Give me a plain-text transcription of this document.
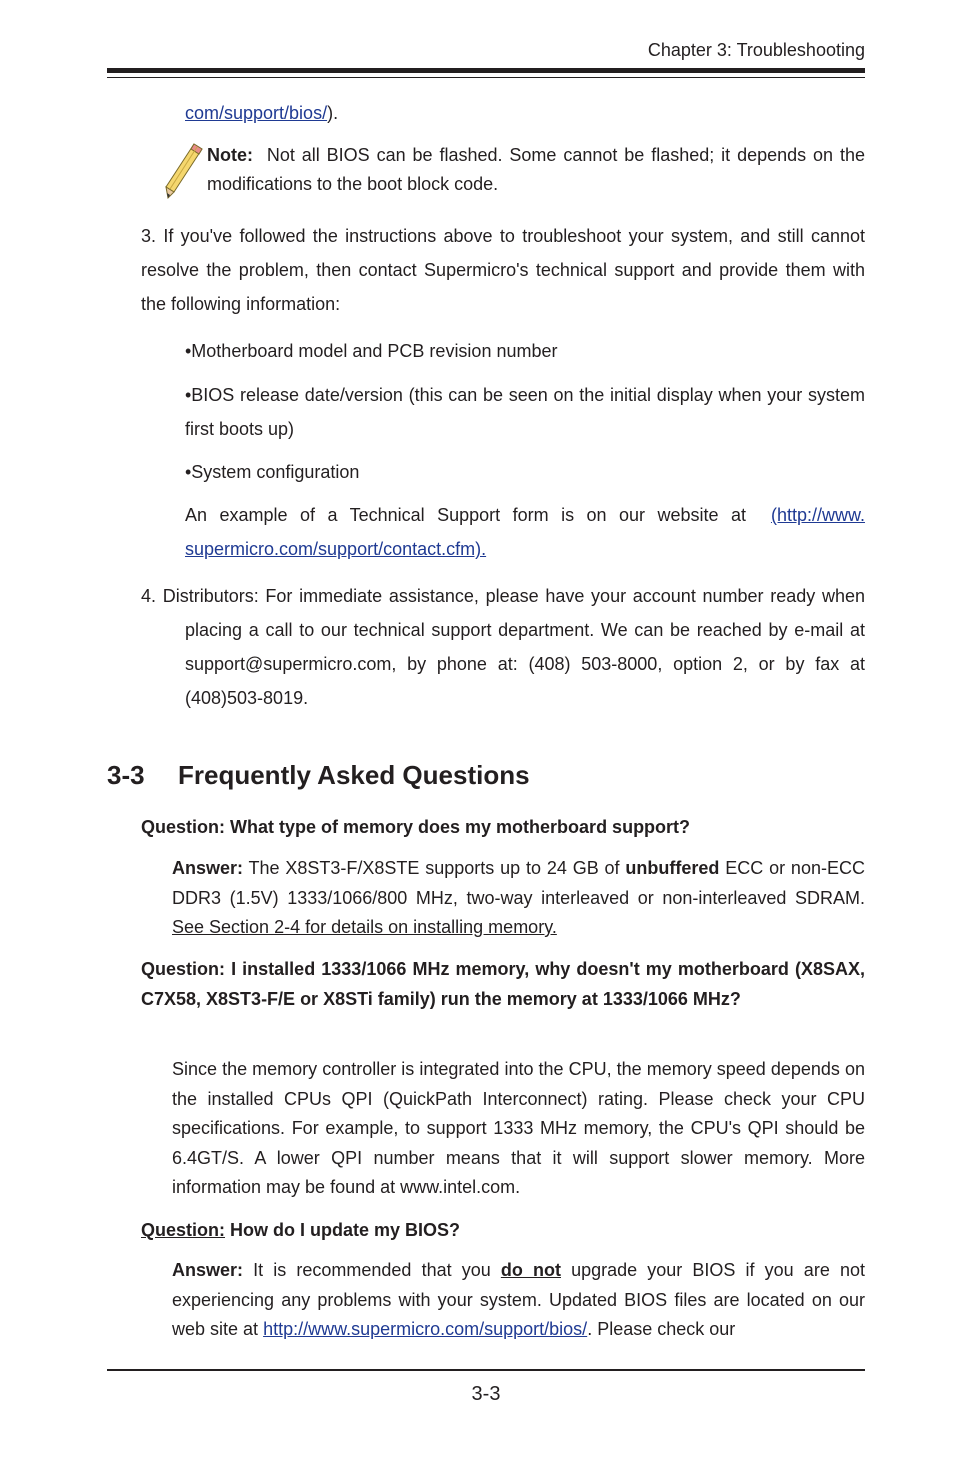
Chapter 3: Troubleshooting
com/support/bios/).
Note: Not all BIOS can be flashed. Some cannot be flashed; it depends on the modifications to the boot block code.
3. If you've followed the instructions above to troubleshoot your system, and still cannot resolve the problem, then contact Supermicro's technical support and provide them with the following information:
•Motherboard model and PCB revision number
•BIOS release date/version (this can be seen on the initial display when your system first boots up)
•System configuration
An example of a Technical Support form is on our website at (http://www. supermicro.com/support/contact.cfm).
4. Distributors: For immediate assistance, please have your account number ready when placing a call to our technical support department. We can be reached by e-mail at support@supermicro.com, by phone at: (408) 503-8000, option 2, or by fax at (408)503-8019.
3-3 Frequently Asked Questions
Question: What type of memory does my motherboard support?
Answer: The X8ST3-F/X8STE supports up to 24 GB of unbuffered ECC or non-ECC DDR3 (1.5V) 1333/1066/800 MHz, two-way interleaved or non-interleaved SDRAM. See Section 2-4 for details on installing memory.
Question: I installed 1333/1066 MHz memory, why doesn't my motherboard (X8SAX, C7X58, X8ST3-F/E or X8STi family) run the memory at 1333/1066 MHz?
Since the memory controller is integrated into the CPU, the memory speed depends on the installed CPUs QPI (QuickPath Interconnect) rating. Please check your CPU specifications. For example, to support 1333 MHz memory, the CPU's QPI should be 6.4GT/S. A lower QPI number means that it will support slower memory. More information may be found at www.intel.com.
Question: How do I update my BIOS?
Answer: It is recommended that you do not upgrade your BIOS if you are not experiencing any problems with your system. Updated BIOS files are located on our web site at http://www.supermicro.com/support/bios/. Please check our
3-3
